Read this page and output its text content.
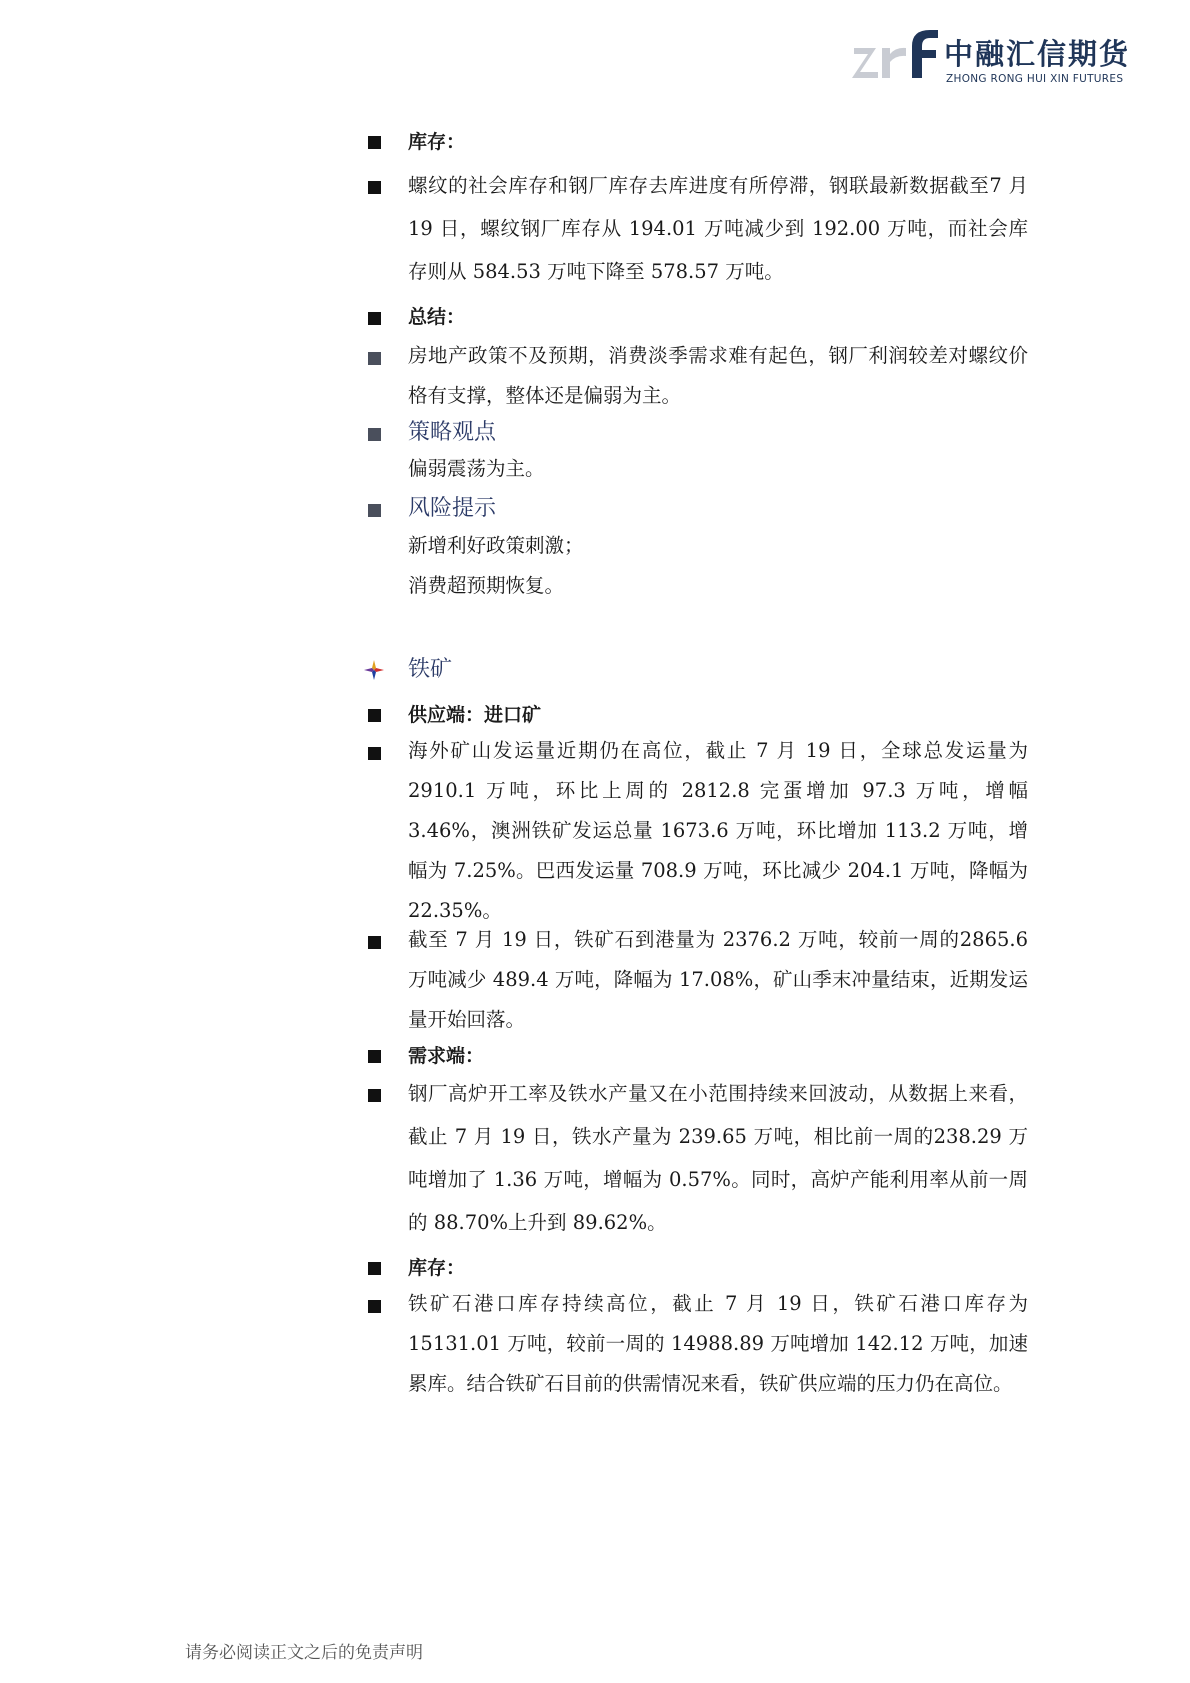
中融汇信期货
ZHONG RONG HUI XIN FUTURES
库存：
螺纹的社会库存和钢厂库存去库进度有所停滞，钢联最新数据截至7 月 19 日，螺纹钢厂库存从 194.01 万吨减少到 192.00 万吨，而社会库存则从 584.53 万吨下降至 578.57 万吨。
总结：
房地产政策不及预期，消费淡季需求难有起色，钢厂利润较差对螺纹价格有支撑，整体还是偏弱为主。
策略观点
偏弱震荡为主。
风险提示
新增利好政策刺激；
消费超预期恢复。
铁矿
供应端：进口矿
海外矿山发运量近期仍在高位，截止 7 月 19 日，全球总发运量为2910.1 万吨，环比上周的 2812.8 完蛋增加 97.3 万吨，增幅3.46%，澳洲铁矿发运总量 1673.6 万吨，环比增加 113.2 万吨，增幅为 7.25%。巴西发运量 708.9 万吨，环比减少 204.1 万吨，降幅为 22.35%。
截至 7 月 19 日，铁矿石到港量为 2376.2 万吨，较前一周的2865.6 万吨减少 489.4 万吨，降幅为 17.08%，矿山季末冲量结束，近期发运量开始回落。
需求端：
钢厂高炉开工率及铁水产量又在小范围持续来回波动，从数据上来看，截止 7 月 19 日，铁水产量为 239.65 万吨，相比前一周的238.29 万吨增加了 1.36 万吨，增幅为 0.57%。同时，高炉产能利用率从前一周的 88.70%上升到 89.62%。
库存：
铁矿石港口库存持续高位，截止 7 月 19 日，铁矿石港口库存为15131.01 万吨，较前一周的 14988.89 万吨增加 142.12 万吨，加速累库。结合铁矿石目前的供需情况来看，铁矿供应端的压力仍在高位。
请务必阅读正文之后的免责声明
